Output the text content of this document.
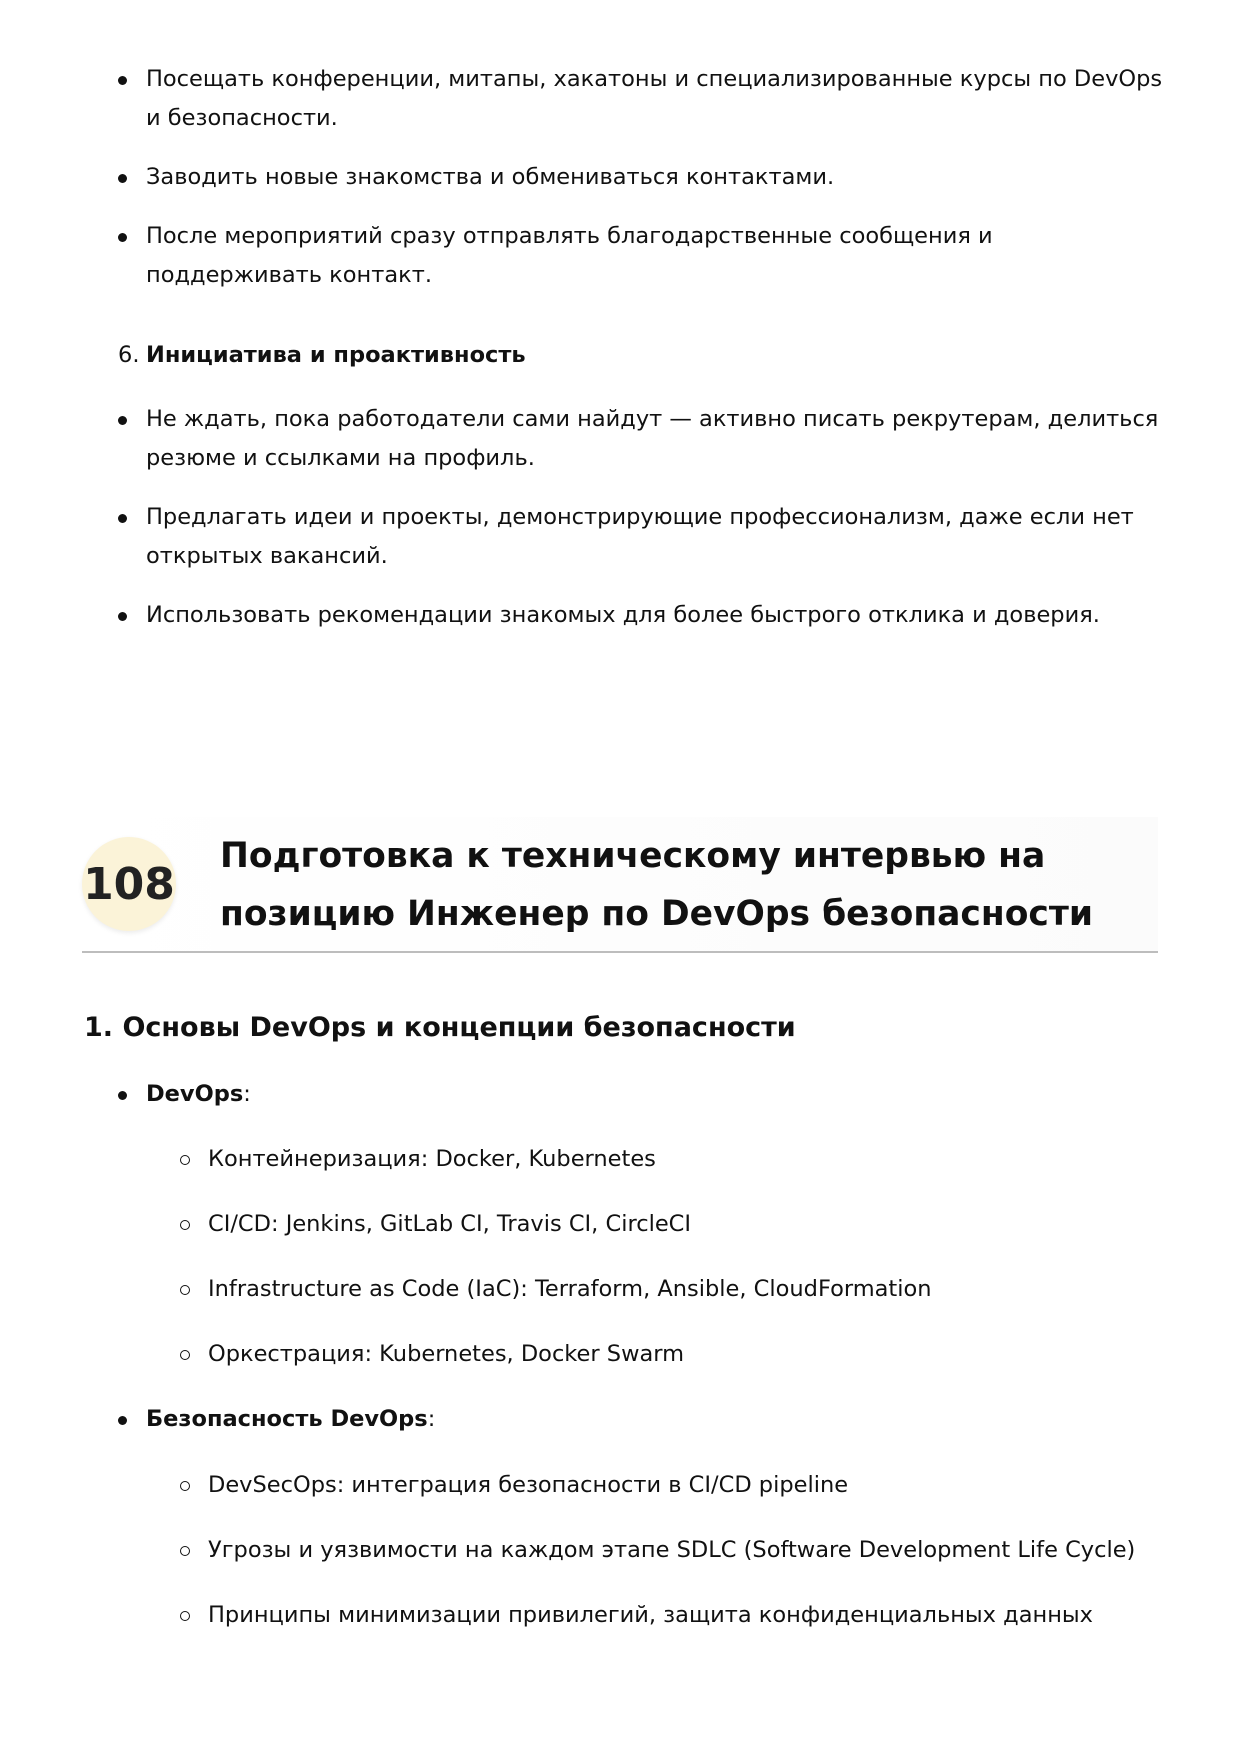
Посещать конференции, митапы, хакатоны и специализированные курсы по DevOps и безопасности.
Заводить новые знакомства и обмениваться контактами.
После мероприятий сразу отправлять благодарственные сообщения и поддерживать контакт.
6. Инициатива и проактивность
Не ждать, пока работодатели сами найдут — активно писать рекрутерам, делиться резюме и ссылками на профиль.
Предлагать идеи и проекты, демонстрирующие профессионализм, даже если нет открытых вакансий.
Использовать рекомендации знакомых для более быстрого отклика и доверия.
108
Подготовка к техническому интервью на
позицию Инженер по DevOps безопасности
1. Основы DevOps и концепции безопасности
DevOps:
Контейнеризация: Docker, Kubernetes
CI/CD: Jenkins, GitLab CI, Travis CI, CircleCI
Infrastructure as Code (IaC): Terraform, Ansible, CloudFormation
Оркестрация: Kubernetes, Docker Swarm
Безопасность DevOps:
DevSecOps: интеграция безопасности в CI/CD pipeline
Угрозы и уязвимости на каждом этапе SDLC (Software Development Life Cycle)
Принципы минимизации привилегий, защита конфиденциальных данных
